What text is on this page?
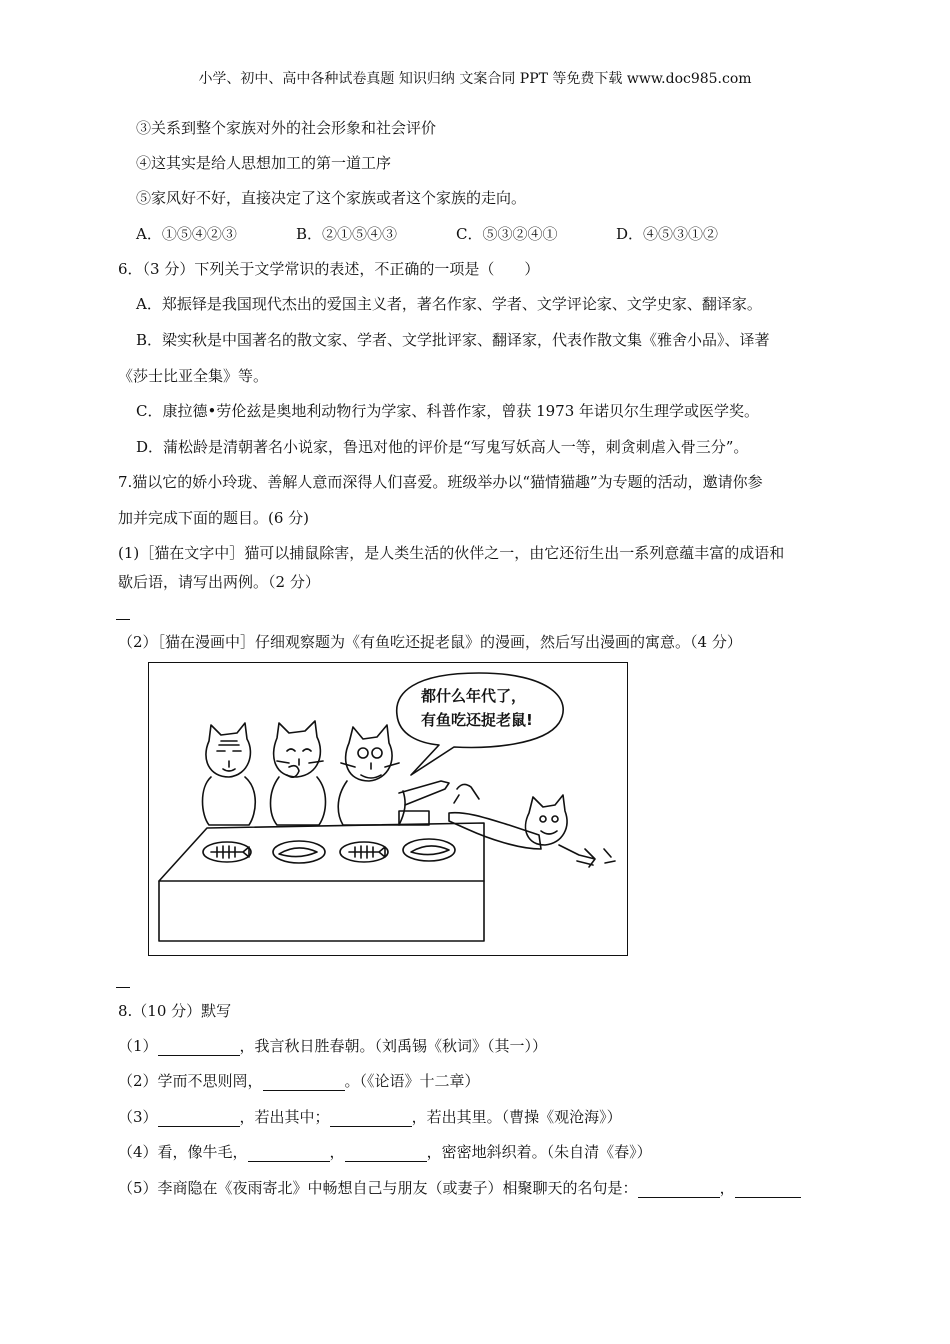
小学、初中、高中各种试卷真题 知识归纳 文案合同 PPT 等免费下载 www.doc985.com
③关系到整个家族对外的社会形象和社会评价
④这其实是给人思想加工的第一道工序
⑤家风好不好，直接决定了这个家族或者这个家族的走向。
A．①⑤④②③	B．②①⑤④③	C．⑤③②④①	D．④⑤③①②
6．（3 分）下列关于文学常识的表述，不正确的一项是（　　）
A．郑振铎是我国现代杰出的爱国主义者，著名作家、学者、文学评论家、文学史家、翻译家。
B．梁实秋是中国著名的散文家、学者、文学批评家、翻译家，代表作散文集《雅舍小品》、译著
《莎士比亚全集》等。
C．康拉德•劳伦兹是奥地利动物行为学家、科普作家，曾获 1973 年诺贝尔生理学或医学奖。
D．蒲松龄是清朝著名小说家，鲁迅对他的评价是“写鬼写妖高人一等，刺贪刺虐入骨三分”。
7.猫以它的娇小玲珑、善解人意而深得人们喜爱。班级举办以“猫情猫趣”为专题的活动，邀请你参
加并完成下面的题目。(6 分)
(1)［猫在文字中］猫可以捕鼠除害，是人类生活的伙伴之一，由它还衍生出一系列意蕴丰富的成语和
歇后语，请写出两例。（2 分）
（2）［猫在漫画中］仔细观察题为《有鱼吃还捉老鼠》的漫画，然后写出漫画的寓意。（4 分）
都什么年代了，
有鱼吃还捉老鼠!
8.（10 分）默写
（1）	，我言秋日胜春朝。（刘禹锡《秋词》（其一））
（2）学而不思则罔，	。（《论语》十二章）
（3）	，若出其中；	，若出其里。（曹操《观沧海》）
（4）看，像牛毛，	，	，密密地斜织着。（朱自清《春》）
（5）李商隐在《夜雨寄北》中畅想自己与朋友（或妻子）相聚聊天的名句是：	，
